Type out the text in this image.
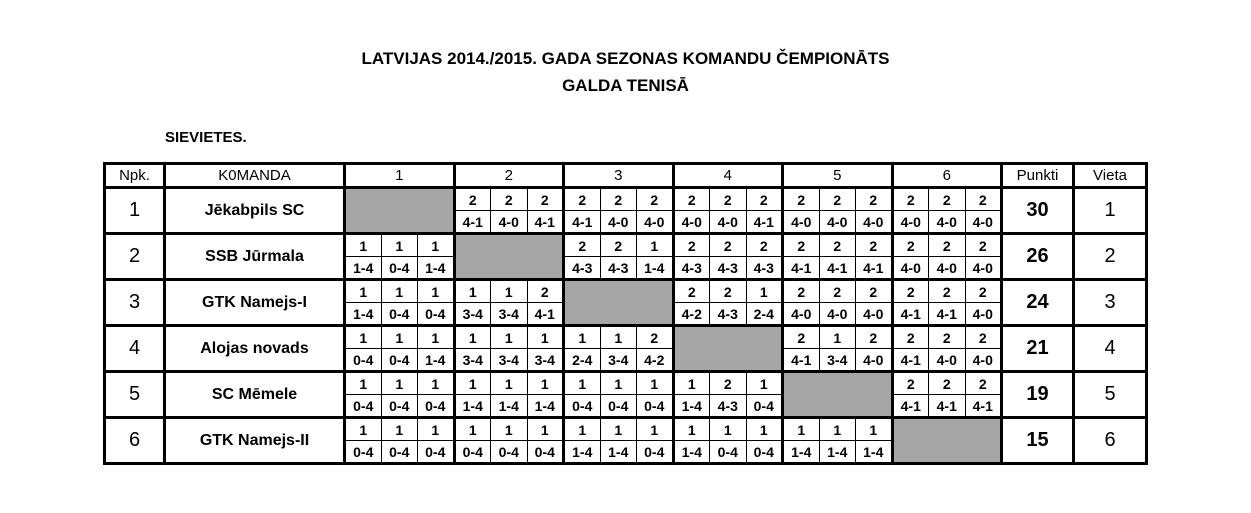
LATVIJAS 2014./2015. GADA SEZONAS KOMANDU ČEMPIONĀTS
GALDA TENISĀ
SIEVIETES.
Npk.	K0MANDA	1			2			3			4			5			6			Punkti	Vieta
1	Jēkabpils SC				2	2	2	2	2	2	2	2	2	2	2	2	2	2	2	30	1
					4-1	4-0	4-1	4-1	4-0	4-0	4-0	4-0	4-1	4-0	4-0	4-0	4-0	4-0	4-0		
2	SSB Jūrmala	1	1	1				2	2	1	2	2	2	2	2	2	2	2	2	26	2
		1-4	0-4	1-4				4-3	4-3	1-4	4-3	4-3	4-3	4-1	4-1	4-1	4-0	4-0	4-0		
3	GTK Namejs-I	1	1	1	1	1	2				2	2	1	2	2	2	2	2	2	24	3
		1-4	0-4	0-4	3-4	3-4	4-1				4-2	4-3	2-4	4-0	4-0	4-0	4-1	4-1	4-0		
4	Alojas novads	1	1	1	1	1	1	1	1	2				2	1	2	2	2	2	21	4
		0-4	0-4	1-4	3-4	3-4	3-4	2-4	3-4	4-2				4-1	3-4	4-0	4-1	4-0	4-0		
5	SC Mēmele	1	1	1	1	1	1	1	1	1	1	2	1				2	2	2	19	5
		0-4	0-4	0-4	1-4	1-4	1-4	0-4	0-4	0-4	1-4	4-3	0-4				4-1	4-1	4-1		
6	GTK Namejs-II	1	1	1	1	1	1	1	1	1	1	1	1	1	1	1				15	6
		0-4	0-4	0-4	0-4	0-4	0-4	1-4	1-4	0-4	1-4	0-4	0-4	1-4	1-4	1-4					
